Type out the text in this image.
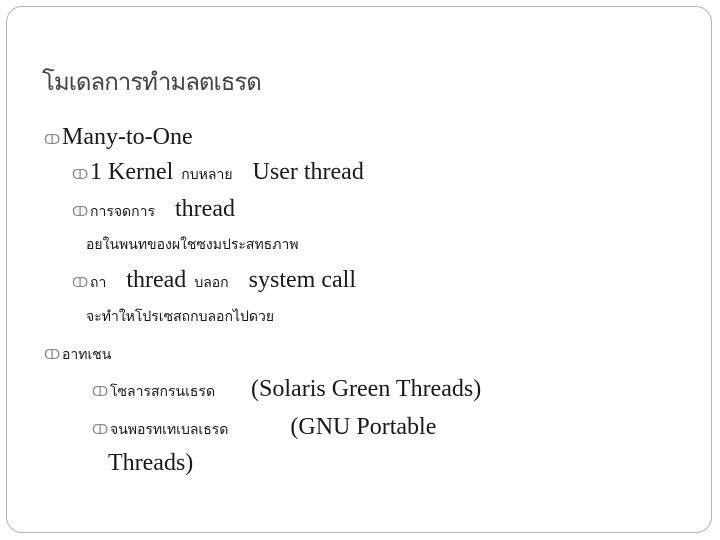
โมเดลการทำมลตเธรด
ↀ Many-to-One
ↀ 1 Kernel กบหลาย User thread
ↀ การจดการ thread
อยในพนทของผใชซงมประสทธภาพ
ↀ ถา thread บลอก system call
จะทำใหโปรเซสถกบลอกไปดวย
ↀ อาทเชน
ↀ โซลารสกรนเธรด (Solaris Green Threads)
ↀ จนพอรทเทเบลเธรด	(GNU Portable
Threads)
